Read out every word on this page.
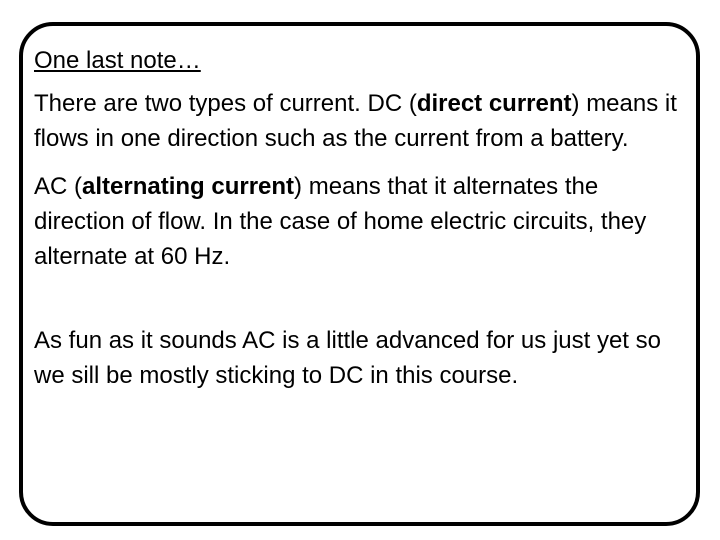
One last note…

There are two types of current. DC (direct current) means it flows in one direction such as the current from a battery.

AC (alternating current) means that it alternates the direction of flow. In the case of home electric circuits, they alternate at 60 Hz.

As fun as it sounds AC is a little advanced for us just yet so we sill be mostly sticking to DC in this course.
